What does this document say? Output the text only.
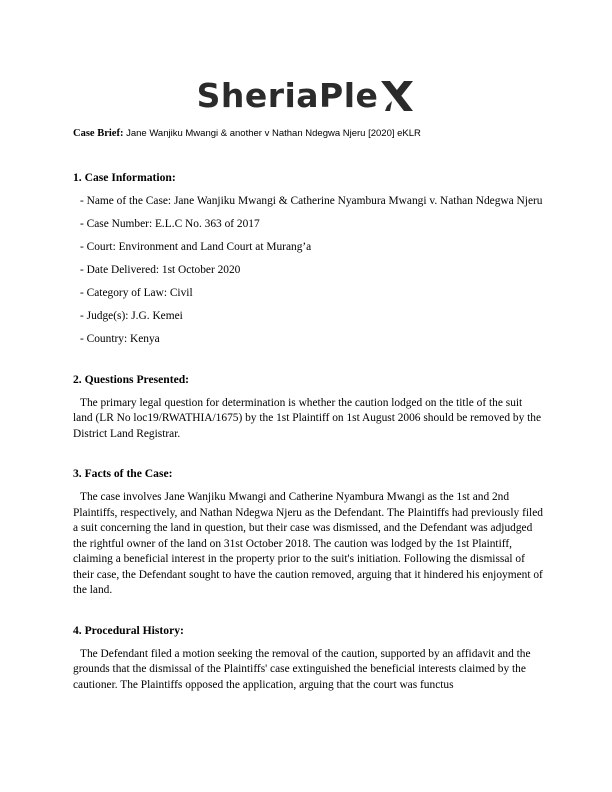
SheriaPle
Case Brief: Jane Wanjiku Mwangi & another v Nathan Ndegwa Njeru [2020] eKLR
1. Case Information:

- Name of the Case: Jane Wanjiku Mwangi & Catherine Nyambura Mwangi v. Nathan Ndegwa Njeru

- Case Number: E.L.C No. 363 of 2017

- Court: Environment and Land Court at Murang’a

- Date Delivered: 1st October 2020

- Category of Law: Civil

- Judge(s): J.G. Kemei

- Country: Kenya

2. Questions Presented:

The primary legal question for determination is whether the caution lodged on the title of the suit land (LR No loc19/RWATHIA/1675) by the 1st Plaintiff on 1st August 2006 should be removed by the District Land Registrar.

3. Facts of the Case:

The case involves Jane Wanjiku Mwangi and Catherine Nyambura Mwangi as the 1st and 2nd Plaintiffs, respectively, and Nathan Ndegwa Njeru as the Defendant. The Plaintiffs had previously filed a suit concerning the land in question, but their case was dismissed, and the Defendant was adjudged the rightful owner of the land on 31st October 2018. The caution was lodged by the 1st Plaintiff, claiming a beneficial interest in the property prior to the suit's initiation. Following the dismissal of their case, the Defendant sought to have the caution removed, arguing that it hindered his enjoyment of the land.

4. Procedural History:

The Defendant filed a motion seeking the removal of the caution, supported by an affidavit and the grounds that the dismissal of the Plaintiffs' case extinguished the beneficial interests claimed by the cautioner. The Plaintiffs opposed the application, arguing that the court was functus
